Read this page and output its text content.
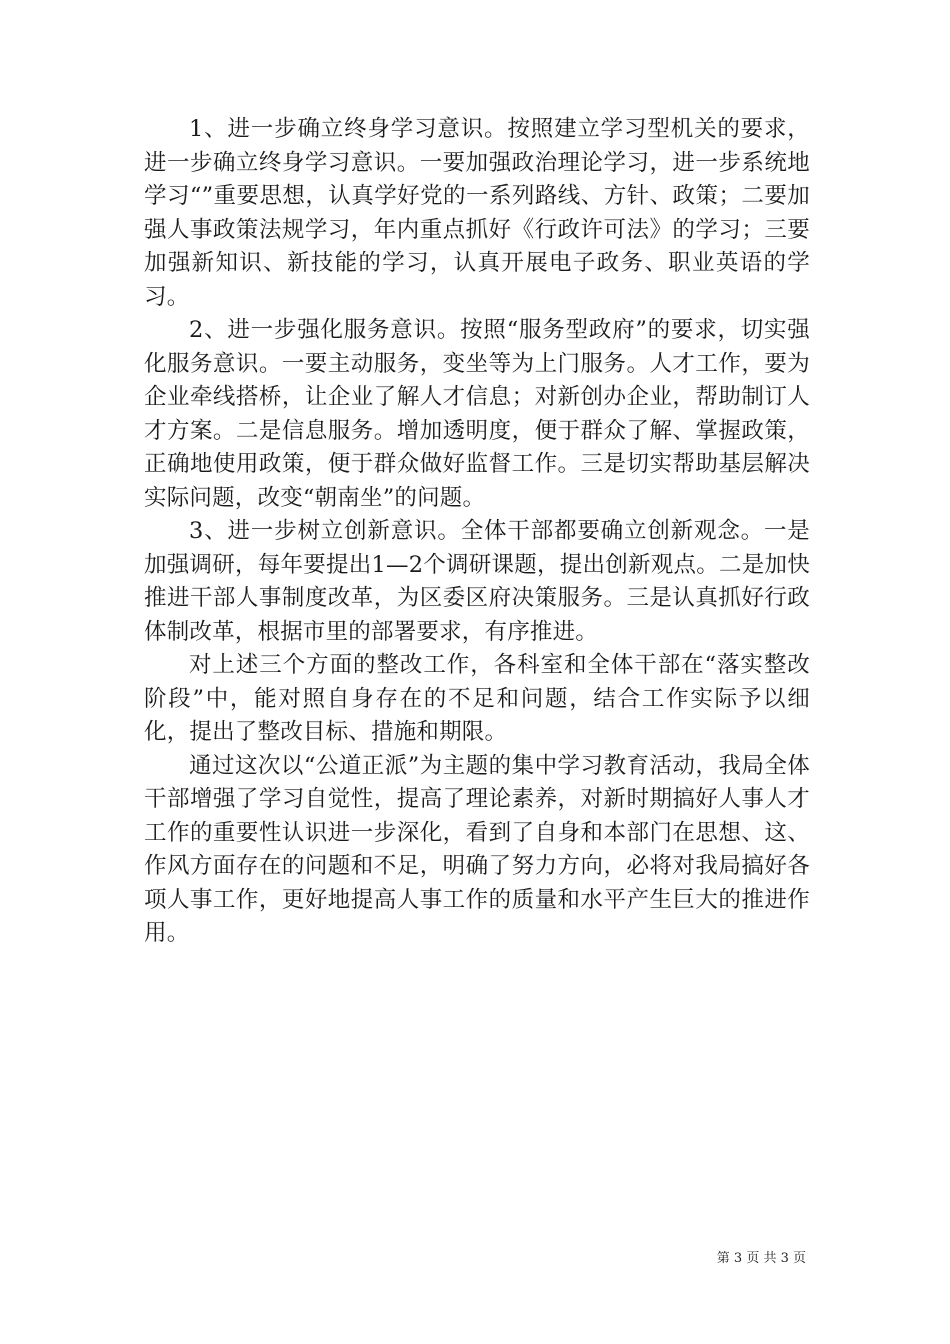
1、进一步确立终身学习意识。按照建立学习型机关的要求，进一步确立终身学习意识。一要加强政治理论学习，进一步系统地学习“”重要思想，认真学好党的一系列路线、方针、政策；二要加强人事政策法规学习，年内重点抓好《行政许可法》的学习；三要加强新知识、新技能的学习，认真开展电子政务、职业英语的学习。

2、进一步强化服务意识。按照“服务型政府”的要求，切实强化服务意识。一要主动服务，变坐等为上门服务。人才工作，要为企业牵线搭桥，让企业了解人才信息；对新创办企业，帮助制订人才方案。二是信息服务。增加透明度，便于群众了解、掌握政策，正确地使用政策，便于群众做好监督工作。三是切实帮助基层解决实际问题，改变“朝南坐”的问题。

3、进一步树立创新意识。全体干部都要确立创新观念。一是加强调研，每年要提出1—2个调研课题，提出创新观点。二是加快推进干部人事制度改革，为区委区府决策服务。三是认真抓好行政体制改革，根据市里的部署要求，有序推进。

对上述三个方面的整改工作，各科室和全体干部在“落实整改阶段”中，能对照自身存在的不足和问题，结合工作实际予以细化，提出了整改目标、措施和期限。

通过这次以“公道正派”为主题的集中学习教育活动，我局全体干部增强了学习自觉性，提高了理论素养，对新时期搞好人事人才工作的重要性认识进一步深化，看到了自身和本部门在思想、这、作风方面存在的问题和不足，明确了努力方向，必将对我局搞好各项人事工作，更好地提高人事工作的质量和水平产生巨大的推进作用。

第 3 页 共 3 页
